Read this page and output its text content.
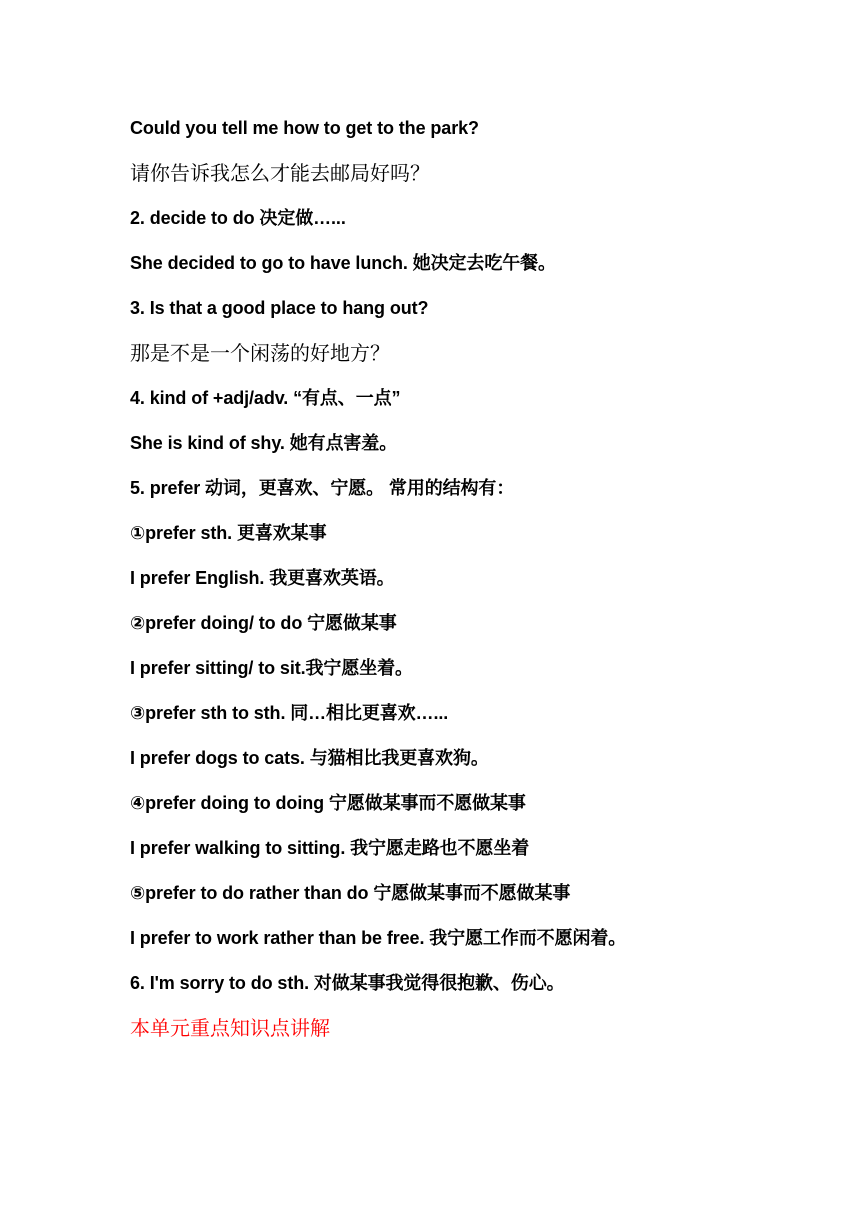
Could you tell me how to get to the park?
请你告诉我怎么才能去邮局好吗？
2. decide to do 决定做…...
She decided to go to have lunch. 她决定去吃午餐。
3. Is that a good place to hang out?
那是不是一个闲荡的好地方？
4. kind of +adj/adv. “有点、一点”
She is kind of shy. 她有点害羞。
5. prefer 动词，更喜欢、宁愿。 常用的结构有：
①prefer sth. 更喜欢某事
I prefer English. 我更喜欢英语。
②prefer doing/ to do 宁愿做某事
I prefer sitting/ to sit.我宁愿坐着。
③prefer sth to sth. 同…相比更喜欢…...
I prefer dogs to cats. 与猫相比我更喜欢狗。
④prefer doing to doing 宁愿做某事而不愿做某事
I prefer walking to sitting. 我宁愿走路也不愿坐着
⑤prefer to do rather than do 宁愿做某事而不愿做某事
I prefer to work rather than be free. 我宁愿工作而不愿闲着。
6. I'm sorry to do sth. 对做某事我觉得很抱歉、伤心。
本单元重点知识点讲解
